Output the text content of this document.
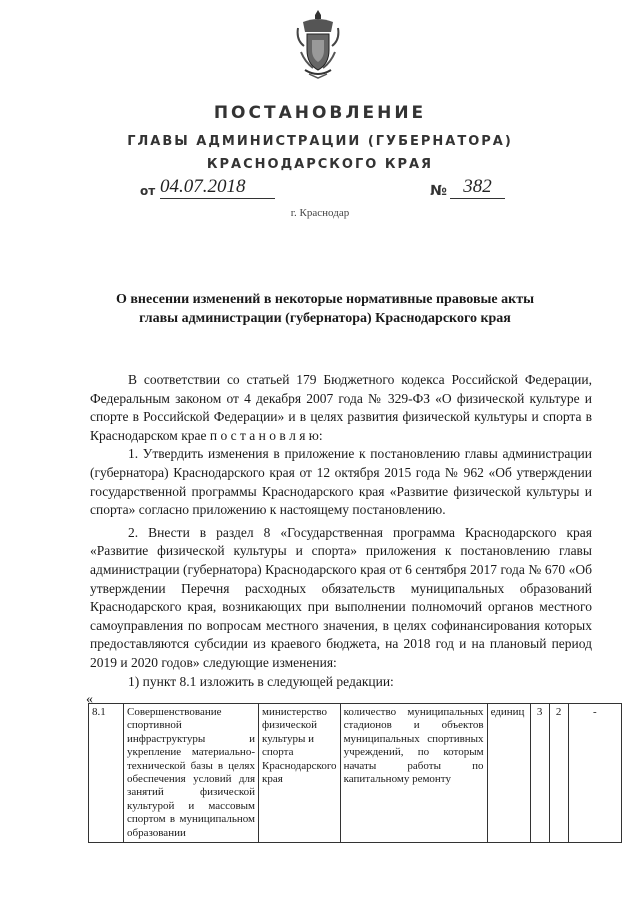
ПОСТАНОВЛЕНИЕ
ГЛАВЫ АДМИНИСТРАЦИИ (ГУБЕРНАТОРА)
КРАСНОДАРСКОГО КРАЯ
от 04.07.2018	№ 382
г. Краснодар
О внесении изменений в некоторые нормативные правовые акты
главы администрации (губернатора) Краснодарского края

В соответствии со статьей 179 Бюджетного кодекса Российской Федерации, Федеральным законом от 4 декабря 2007 года № 329-ФЗ «О физической культуре и спорте в Российской Федерации» и в целях развития физической культуры и спорта в Краснодарском крае п о с т а н о в л я ю:

1. Утвердить изменения в приложение к постановлению главы администрации (губернатора) Краснодарского края от 12 октября 2015 года № 962 «Об утверждении государственной программы Краснодарского края «Развитие физической культуры и спорта» согласно приложению к настоящему постановлению.

2. Внести в раздел 8 «Государственная программа Краснодарского края «Развитие физической культуры и спорта» приложения к постановлению главы администрации (губернатора) Краснодарского края от 6 сентября 2017 года № 670 «Об утверждении Перечня расходных обязательств муниципальных образований Краснодарского края, возникающих при выполнении полномочий органов местного самоуправления по вопросам местного значения, в целях софинансирования которых предоставляются субсидии из краевого бюджета, на 2018 год и на плановый период 2019 и 2020 годов» следующие изменения:

1) пункт 8.1 изложить в следующей редакции:

«
8.1	Совершенствование спортивной инфраструктуры и укрепление материально-технической базы в целях обеспечения условий для занятий физической культурой и массовым спортом в муниципальном образовании	министерство физической культуры и спорта Краснодарского края	количество муниципальных стадионов и объектов муниципальных спортивных учреждений, по которым начаты работы по капитальному ремонту	единиц	3	2	-
